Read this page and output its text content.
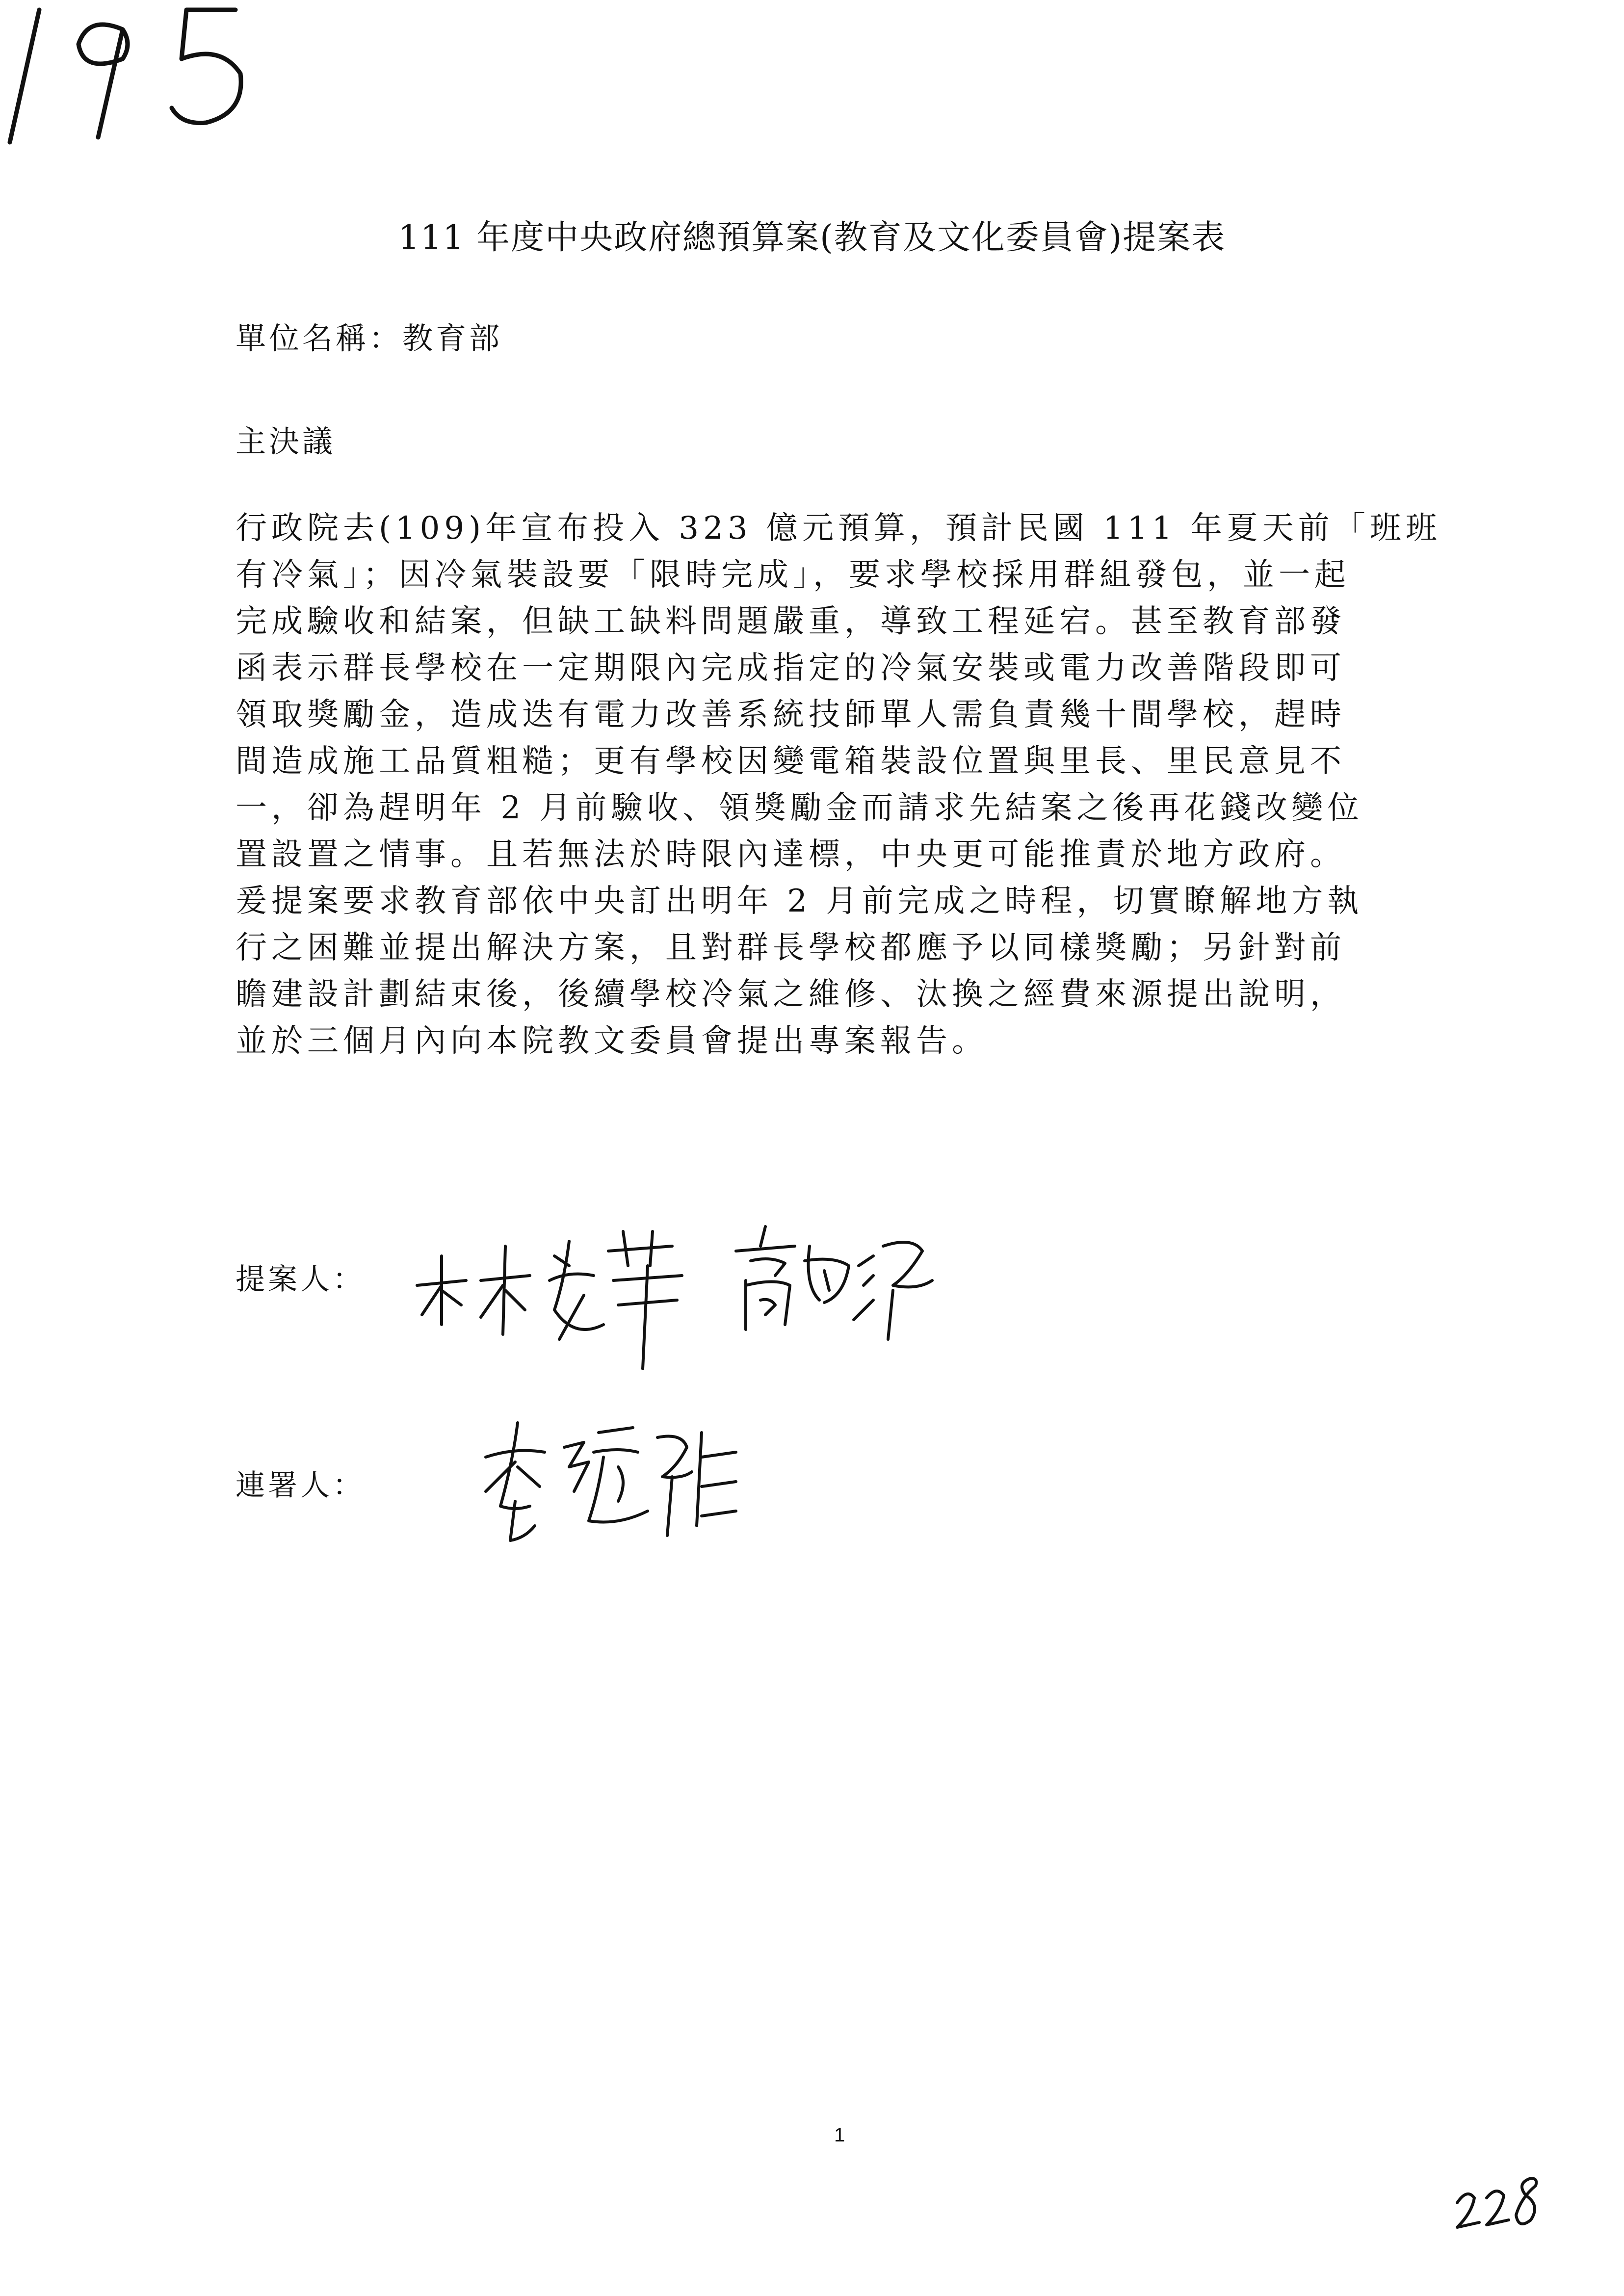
111 年度中央政府總預算案(教育及文化委員會)提案表
單位名稱：教育部
主決議
行政院去(109)年宣布投入 323 億元預算，預計民國 111 年夏天前「班班
有冷氣」；因冷氣裝設要「限時完成」，要求學校採用群組發包，並一起
完成驗收和結案，但缺工缺料問題嚴重，導致工程延宕。甚至教育部發
函表示群長學校在一定期限內完成指定的冷氣安裝或電力改善階段即可
領取獎勵金，造成迭有電力改善系統技師單人需負責幾十間學校，趕時
間造成施工品質粗糙；更有學校因變電箱裝設位置與里長、里民意見不
一，卻為趕明年 2 月前驗收、領獎勵金而請求先結案之後再花錢改變位
置設置之情事。且若無法於時限內達標，中央更可能推責於地方政府。
爰提案要求教育部依中央訂出明年 2 月前完成之時程，切實瞭解地方執
行之困難並提出解決方案，且對群長學校都應予以同樣獎勵；另針對前
瞻建設計劃結束後，後續學校冷氣之維修、汰換之經費來源提出說明，
並於三個月內向本院教文委員會提出專案報告。
提案人：
連署人：
1
